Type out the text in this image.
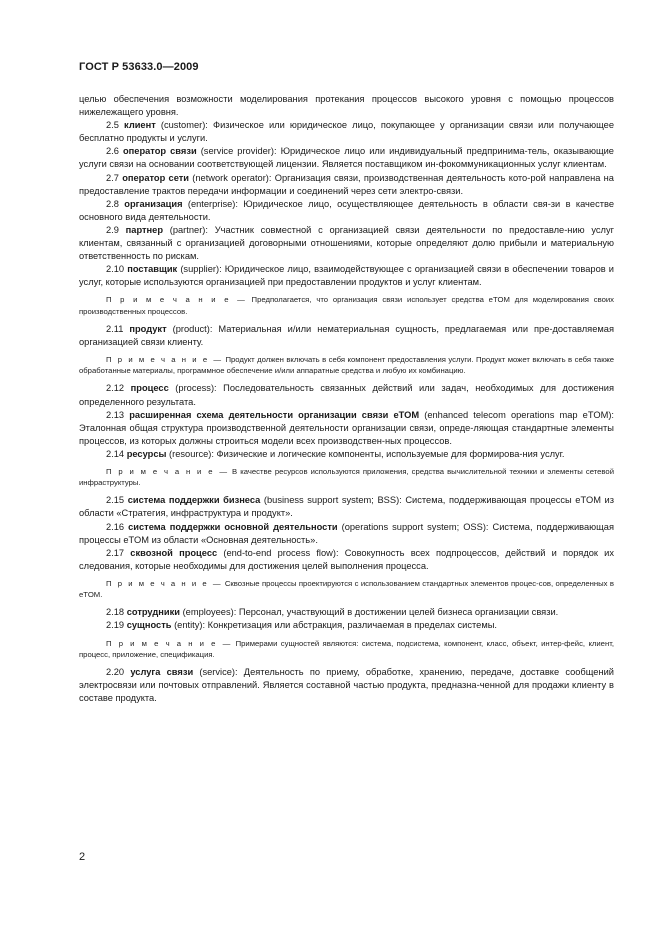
ГОСТ Р 53633.0—2009

целью обеспечения возможности моделирования протекания процессов высокого уровня с помощью процессов нижележащего уровня.

2.5 клиент (customer): Физическое или юридическое лицо, покупающее у организации связи или получающее бесплатно продукты и услуги.

2.6 оператор связи (service provider): Юридическое лицо или индивидуальный предпринима-тель, оказывающие услуги связи на основании соответствующей лицензии. Является поставщиком ин-фокоммуникационных услуг клиентам.

2.7 оператор сети (network operator): Организация связи, производственная деятельность кото-рой направлена на предоставление трактов передачи информации и соединений через сети электро-связи.

2.8 организация (enterprise): Юридическое лицо, осуществляющее деятельность в области свя-зи в качестве основного вида деятельности.

2.9 партнер (partner): Участник совместной с организацией связи деятельности по предоставле-нию услуг клиентам, связанный с организацией договорными отношениями, которые определяют долю прибыли и материальную ответственность по рискам.

2.10 поставщик (supplier): Юридическое лицо, взаимодействующее с организацией связи в обеспечении товаров и услуг, которые используются организацией при предоставлении продуктов и услуг клиентам.

П р и м е ч а н и е — Предполагается, что организация связи использует средства eTOM для моделирования своих производственных процессов.

2.11 продукт (product): Материальная и/или нематериальная сущность, предлагаемая или пре-доставляемая организацией связи клиенту.

П р и м е ч а н и е — Продукт должен включать в себя компонент предоставления услуги. Продукт может включать в себя также обработанные материалы, программное обеспечение и/или аппаратные средства и любую их комбинацию.

2.12 процесс (process): Последовательность связанных действий или задач, необходимых для достижения определенного результата.

2.13 расширенная схема деятельности организации связи eTOM (enhanced telecom operations map eTOM): Эталонная общая структура производственной деятельности организации связи, опреде-ляющая стандартные элементы процессов, из которых должны строиться модели всех производствен-ных процессов.

2.14 ресурсы (resource): Физические и логические компоненты, используемые для формирова-ния услуг.

П р и м е ч а н и е — В качестве ресурсов используются приложения, средства вычислительной техники и элементы сетевой инфраструктуры.

2.15 система поддержки бизнеса (business support system; BSS): Система, поддерживающая процессы eTOM из области «Стратегия, инфраструктура и продукт».

2.16 система поддержки основной деятельности (operations support system; OSS): Система, поддерживающая процессы eTOM из области «Основная деятельность».

2.17 сквозной процесс (end-to-end process flow): Совокупность всех подпроцессов, действий и порядок их следования, которые необходимы для достижения целей выполнения процесса.

П р и м е ч а н и е — Сквозные процессы проектируются с использованием стандартных элементов процес-сов, определенных в eTOM.

2.18 сотрудники (employees): Персонал, участвующий в достижении целей бизнеса организации связи.

2.19 сущность (entity): Конкретизация или абстракция, различаемая в пределах системы.

П р и м е ч а н и е — Примерами сущностей являются: система, подсистема, компонент, класс, объект, интер-фейс, клиент, процесс, приложение, спецификация.

2.20 услуга связи (service): Деятельность по приему, обработке, хранению, передаче, доставке сообщений электросвязи или почтовых отправлений. Является составной частью продукта, предназна-ченной для продажи клиенту в составе продукта.

2
